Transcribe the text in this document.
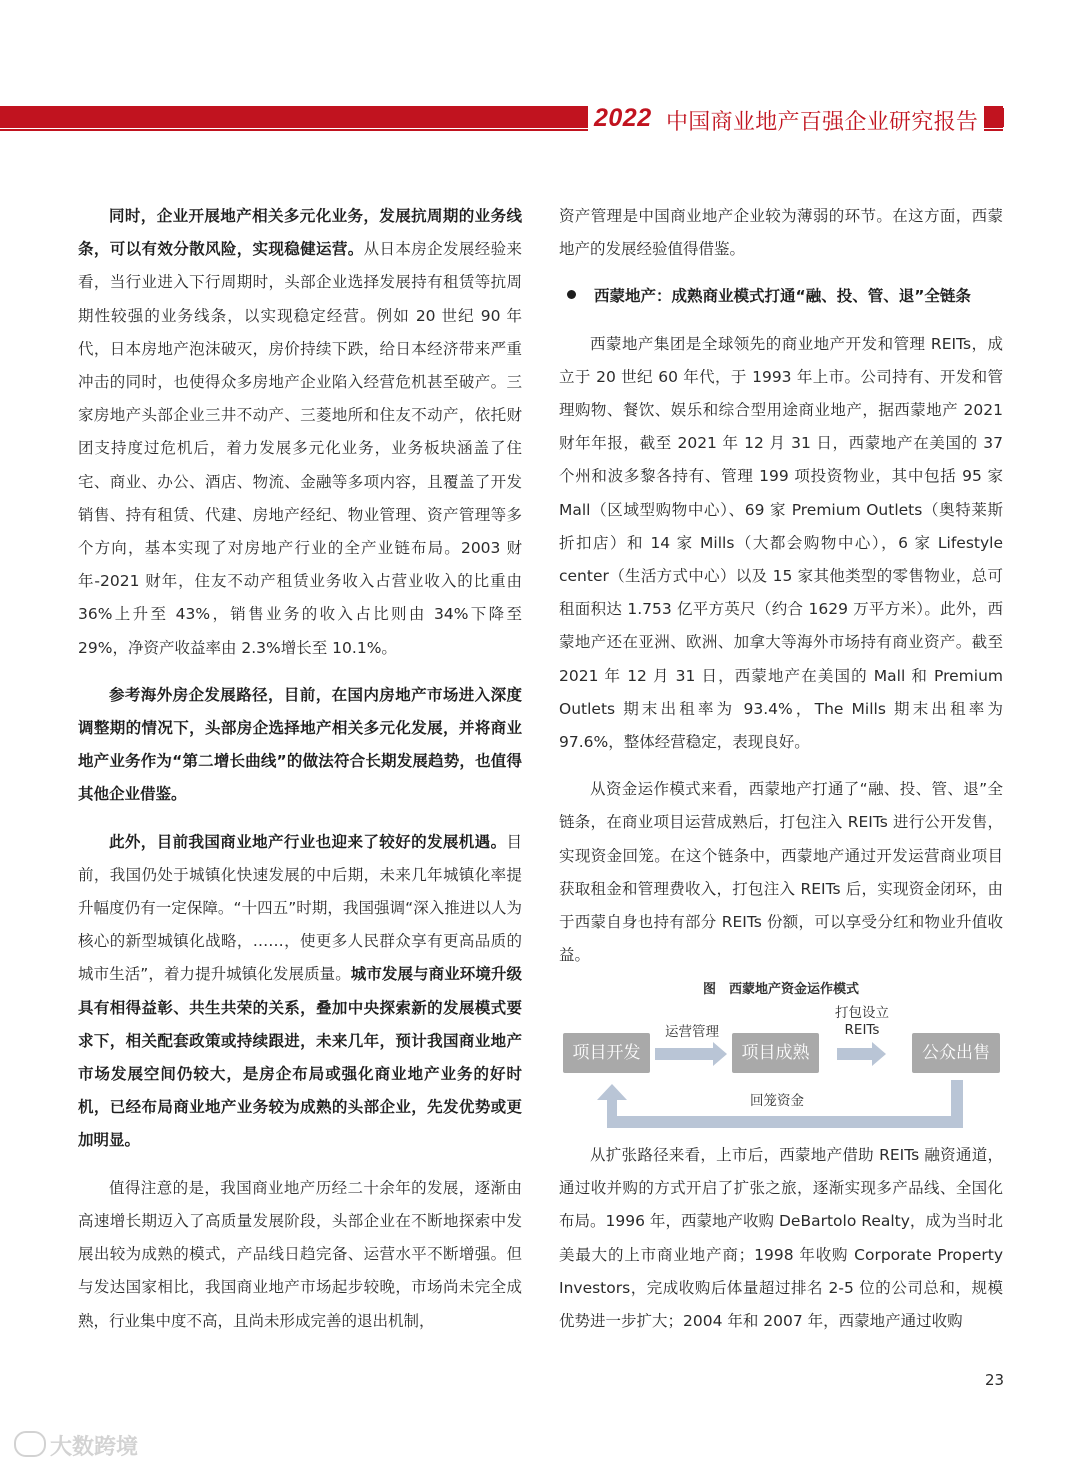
2022 中国商业地产百强企业研究报告

同时，企业开展地产相关多元化业务，发展抗周期的业务线条，可以有效分散风险，实现稳健运营。从日本房企发展经验来看，当行业进入下行周期时，头部企业选择发展持有租赁等抗周期性较强的业务线条，以实现稳定经营。例如 20 世纪 90 年代，日本房地产泡沫破灭，房价持续下跌，给日本经济带来严重冲击的同时，也使得众多房地产企业陷入经营危机甚至破产。三家房地产头部企业三井不动产、三菱地所和住友不动产，依托财团支持度过危机后，着力发展多元化业务，业务板块涵盖了住宅、商业、办公、酒店、物流、金融等多项内容，且覆盖了开发销售、持有租赁、代建、房地产经纪、物业管理、资产管理等多个方向，基本实现了对房地产行业的全产业链布局。2003 财年-2021 财年，住友不动产租赁业务收入占营业收入的比重由 36%上升至 43%，销售业务的收入占比则由 34%下降至 29%，净资产收益率由 2.3%增长至 10.1%。

参考海外房企发展路径，目前，在国内房地产市场进入深度调整期的情况下，头部房企选择地产相关多元化发展，并将商业地产业务作为“第二增长曲线”的做法符合长期发展趋势，也值得其他企业借鉴。

此外，目前我国商业地产行业也迎来了较好的发展机遇。目前，我国仍处于城镇化快速发展的中后期，未来几年城镇化率提升幅度仍有一定保障。“十四五”时期，我国强调“深入推进以人为核心的新型城镇化战略，……，使更多人民群众享有更高品质的城市生活”，着力提升城镇化发展质量。城市发展与商业环境升级具有相得益彰、共生共荣的关系，叠加中央探索新的发展模式要求下，相关配套政策或持续跟进，未来几年，预计我国商业地产市场发展空间仍较大，是房企布局或强化商业地产业务的好时机，已经布局商业地产业务较为成熟的头部企业，先发优势或更加明显。

值得注意的是，我国商业地产历经二十余年的发展，逐渐由高速增长期迈入了高质量发展阶段，头部企业在不断地探索中发展出较为成熟的模式，产品线日趋完备、运营水平不断增强。但与发达国家相比，我国商业地产市场起步较晚，市场尚未完全成熟，行业集中度不高，且尚未形成完善的退出机制，

资产管理是中国商业地产企业较为薄弱的环节。在这方面，西蒙地产的发展经验值得借鉴。

西蒙地产：成熟商业模式打通“融、投、管、退”全链条

西蒙地产集团是全球领先的商业地产开发和管理 REITs，成立于 20 世纪 60 年代，于 1993 年上市。公司持有、开发和管理购物、餐饮、娱乐和综合型用途商业地产，据西蒙地产 2021 财年年报，截至 2021 年 12 月 31 日，西蒙地产在美国的 37 个州和波多黎各持有、管理 199 项投资物业，其中包括 95 家 Mall（区域型购物中心）、69 家 Premium Outlets（奥特莱斯折扣店）和 14 家 Mills（大都会购物中心），6 家 Lifestyle center（生活方式中心）以及 15 家其他类型的零售物业，总可租面积达 1.753 亿平方英尺（约合 1629 万平方米）。此外，西蒙地产还在亚洲、欧洲、加拿大等海外市场持有商业资产。截至 2021 年 12 月 31 日，西蒙地产在美国的 Mall 和 Premium Outlets 期末出租率为 93.4%，The Mills 期末出租率为 97.6%，整体经营稳定，表现良好。

从资金运作模式来看，西蒙地产打通了“融、投、管、退”全链条，在商业项目运营成熟后，打包注入 REITs 进行公开发售，实现资金回笼。在这个链条中，西蒙地产通过开发运营商业项目获取租金和管理费收入，打包注入 REITs 后，实现资金闭环，由于西蒙自身也持有部分 REITs 份额，可以享受分红和物业升值收益。

图　西蒙地产资金运作模式
项目开发	项目成熟	公众出售
运营管理
打包设立
REITs
回笼资金

从扩张路径来看，上市后，西蒙地产借助 REITs 融资通道，通过收并购的方式开启了扩张之旅，逐渐实现多产品线、全国化布局。1996 年，西蒙地产收购 DeBartolo Realty，成为当时北美最大的上市商业地产商；1998 年收购 Corporate Property Investors，完成收购后体量超过排名 2-5 位的公司总和，规模优势进一步扩大；2004 年和 2007 年，西蒙地产通过收购

23
大数跨境
